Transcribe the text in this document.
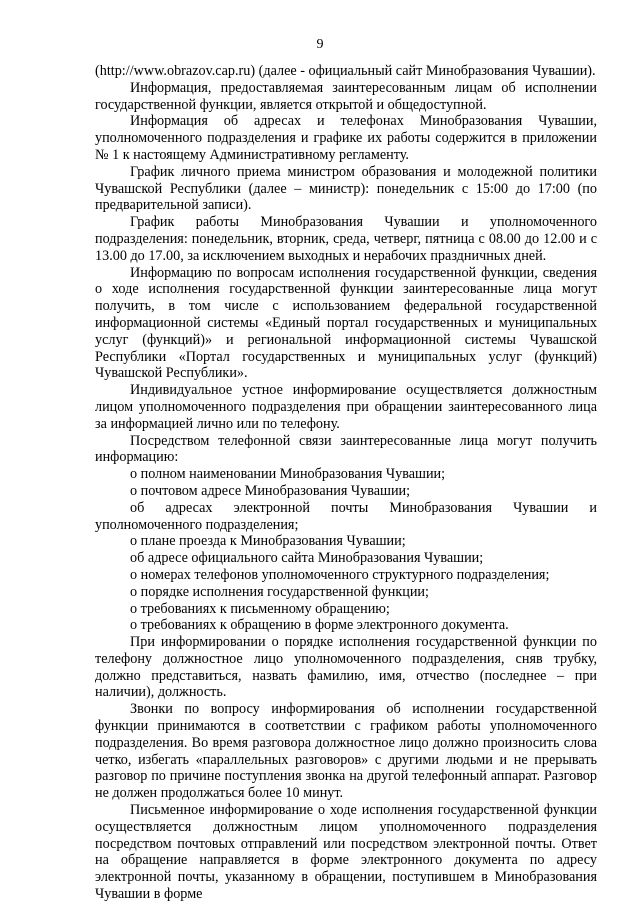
9

(http://www.obrazov.cap.ru) (далее - официальный сайт Минобразования Чувашии).

Информация, предоставляемая заинтересованным лицам об исполнении государственной функции, является открытой и общедоступной.

Информация об адресах и телефонах Минобразования Чувашии, уполномоченного подразделения и графике их работы содержится в приложении № 1 к настоящему Административному регламенту.

График личного приема министром образования и молодежной политики Чувашской Республики (далее – министр): понедельник с 15:00 до 17:00 (по предварительной записи).

График работы Минобразования Чувашии и уполномоченного подразделения: понедельник, вторник, среда, четверг, пятница с 08.00 до 12.00 и с 13.00 до 17.00, за исключением выходных и нерабочих праздничных дней.

Информацию по вопросам исполнения государственной функции, сведения о ходе исполнения государственной функции заинтересованные лица могут получить, в том числе с использованием федеральной государственной информационной системы «Единый портал государственных и муниципальных услуг (функций)» и региональной информационной системы Чувашской Республики «Портал государственных и муниципальных услуг (функций) Чувашской Республики».

Индивидуальное устное информирование осуществляется должностным лицом уполномоченного подразделения при обращении заинтересованного лица за информацией лично или по телефону.

Посредством телефонной связи заинтересованные лица могут получить информацию:

о полном наименовании Минобразования Чувашии;

о почтовом адресе Минобразования Чувашии;

об адресах электронной почты Минобразования Чувашии и уполномоченного подразделения;

о плане проезда к Минобразования Чувашии;

об адресе официального сайта Минобразования Чувашии;

о номерах телефонов уполномоченного структурного подразделения;

о порядке исполнения государственной функции;

о требованиях к письменному обращению;

о требованиях к обращению в форме электронного документа.

При информировании о порядке исполнения государственной функции по телефону должностное лицо уполномоченного подразделения, сняв трубку, должно представиться, назвать фамилию, имя, отчество (последнее – при наличии), должность.

Звонки по вопросу информирования об исполнении государственной функции принимаются в соответствии с графиком работы уполномоченного подразделения. Во время разговора должностное лицо должно произносить слова четко, избегать «параллельных разговоров» с другими людьми и не прерывать разговор по причине поступления звонка на другой телефонный аппарат. Разговор не должен продолжаться более 10 минут.

Письменное информирование о ходе исполнения государственной функции осуществляется должностным лицом уполномоченного подразделения посредством почтовых отправлений или посредством электронной почты. Ответ на обращение направляется в форме электронного документа по адресу электронной почты, указанному в обращении, поступившем в Минобразования Чувашии в форме
